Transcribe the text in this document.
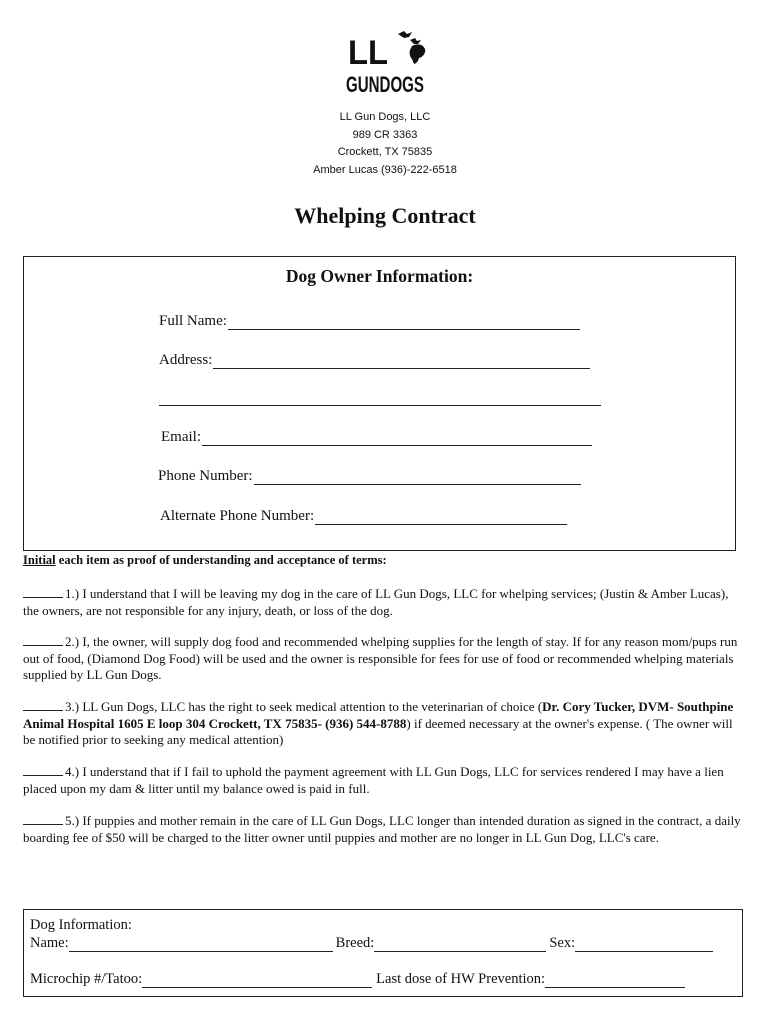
LL
GUNDOGS
LL Gun Dogs, LLC
989 CR 3363
Crockett, TX 75835
Amber Lucas (936)-222-6518
Whelping Contract
Dog Owner Information:
Full Name:
Address:
Email:
Phone Number:
Alternate Phone Number:
Initial each item as proof of understanding and acceptance of terms:
1.) I understand that I will be leaving my dog in the care of LL Gun Dogs, LLC for whelping services; (Justin & Amber Lucas), the owners, are not responsible for any injury, death, or loss of the dog.
2.) I, the owner, will supply dog food and recommended whelping supplies for the length of stay. If for any reason mom/pups run out of food, (Diamond Dog Food) will be used and the owner is responsible for fees for use of food or recommended whelping materials supplied by LL Gun Dogs.
3.) LL Gun Dogs, LLC has the right to seek medical attention to the veterinarian of choice (Dr. Cory Tucker, DVM- Southpine Animal Hospital 1605 E loop 304 Crockett, TX 75835- (936) 544-8788) if deemed necessary at the owner's expense. ( The owner will be notified prior to seeking any medical attention)
4.) I understand that if I fail to uphold the payment agreement with LL Gun Dogs, LLC for services rendered I may have a lien placed upon my dam & litter until my balance owed is paid in full.
5.) If puppies and mother remain in the care of LL Gun Dogs, LLC longer than intended duration as signed in the contract, a daily boarding fee of $50 will be charged to the litter owner until puppies and mother are no longer in LL Gun Dog, LLC's care.
Dog Information:
Name:	Breed:	Sex:
Microchip #/Tatoo:	Last dose of HW Prevention:
